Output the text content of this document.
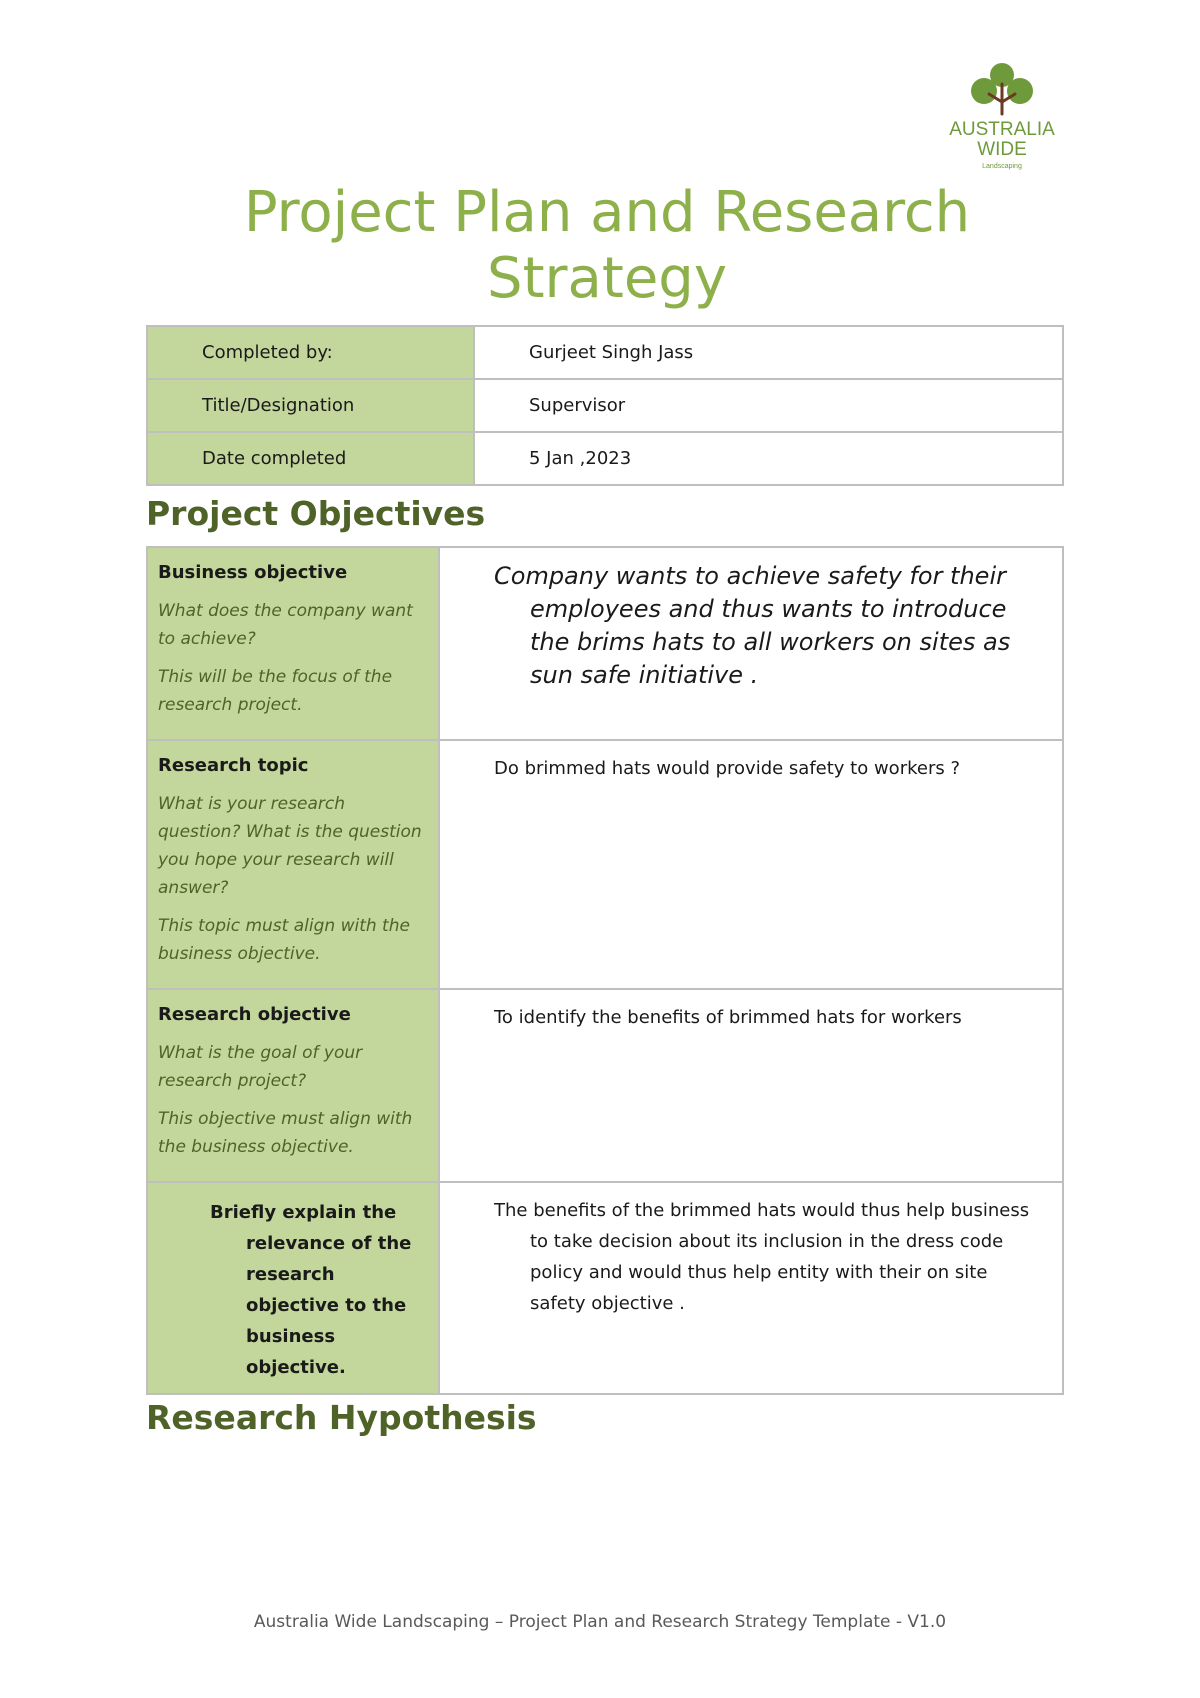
AUSTRALIA
WIDE
Landscaping
Project Plan and Research Strategy
Completed by:	Gurjeet Singh Jass
Title/Designation	Supervisor
Date completed	5 Jan ,2023
Project Objectives

Business objective

What does the company want to achieve?

This will be the focus of the research project.	Company wants to achieve safety for their employees and thus wants to introduce the brims hats to all workers on sites as sun safe initiative .

Research topic

What is your research question? What is the question you hope your research will answer?

This topic must align with the business objective.	Do brimmed hats would provide safety to workers ?

Research objective

What is the goal of your research project?

This objective must align with the business objective.	To identify the benefits of brimmed hats for workers

Briefly explain the relevance of the research objective to the business objective.	The benefits of the brimmed hats would thus help business to take decision about its inclusion in the dress code policy and would thus help entity with their on site safety objective .

Research Hypothesis
Australia Wide Landscaping – Project Plan and Research Strategy Template - V1.0
